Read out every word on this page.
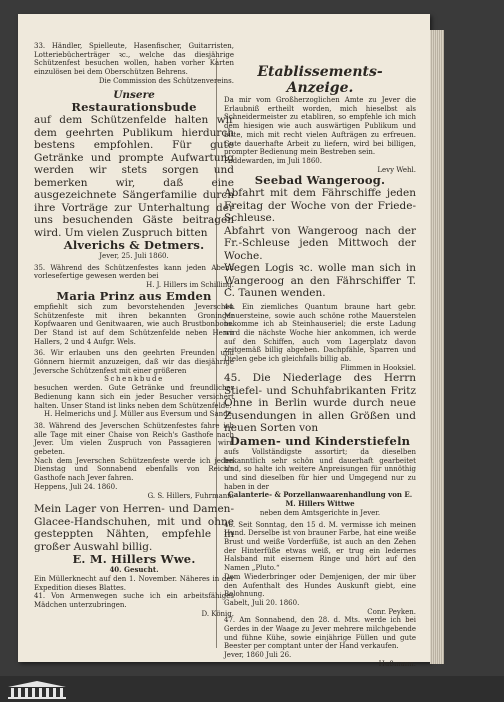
33. Händler, Spielleute, Hasenfischer, Guitarristen, Lotteriebücherträger ꝛc., welche das diesjährige Schützenfest besuchen wollen, haben vorher Karten einzulösen bei dem Oberschützen Behrens.

Die Commission des Schützenvereins.

Unsere

Restaurationsbude

auf dem Schützenfelde halten wir dem geehrten Publikum hierdurch bestens empfohlen. Für gute Getränke und prompte Aufwartung werden wir stets sorgen und bemerken wir, daß eine ausgezeichnete Sängerfamilie durch ihre Vorträge zur Unterhaltung der uns besuchenden Gäste beitragen wird. Um vielen Zuspruch bitten

Alverichs & Detmers.

Jever, 25. Juli 1860.

35. Während des Schützenfestes kann jeden Abend vorlesefertige gewesen werden bei

H. J. Hillers im Schilling.

Maria Prinz aus Emden

empfiehlt sich zum bevorstehenden Jeverschen Schützenfeste mit ihren bekannten Groninger Kopfwaaren und Genitwaaren, wie auch Brustbonbons. Der Stand ist auf dem Schützenfelde neben Herrn Hallers, 2 und 4 Aufgr. Wels.

36. Wir erlauben uns den geehrten Freunden und Gönnern hiermit anzuzeigen, daß wir das diesjährige Jeversche Schützenfest mit einer größeren

Schenkbude

besuchen werden. Gute Getränke und freundlicher Bedienung kann sich ein jeder Besucher versichert halten. Unser Stand ist links neben dem Schützenfelde.

H. Helmerichs und J. Müller aus Eversum und Sande.

38. Während des Jeverschen Schützenfestes fahre ich alle Tage mit einer Chaise von Reich's Gasthofe nach Jever. Um vielen Zuspruch von Passagieren wird gebeten.

Nach dem Jeverschen Schützenfeste werde ich jeden Dienstag und Sonnabend ebenfalls von Reich's Gasthofe nach Jever fahren.

Heppens, Juli 24. 1860.

G. S. Hillers, Fuhrmann.

Mein Lager von Herren- und Damen-Glacee-Handschuhen, mit und ohne gesteppten Nähten, empfehle in großer Auswahl billig.

E. M. Hillers Wwe.

40. Gesucht.

Ein Müllerknecht auf den 1. November. Näheres in der Expedition dieses Blattes.

41. Von Armenwegen suche ich ein arbeitsfähiges Mädchen unterzubringen.

D. König.

Etablissements-Anzeige.

Da mir vom Großherzoglichen Amte zu Jever die Erlaubniß ertheilt worden, mich hieselbst als Schneidermeister zu etabliren, so empfehle ich mich dem hiesigen wie auch auswärtigen Publikum und bitte, mich mit recht vielen Aufträgen zu erfreuen. Gute dauerhafte Arbeit zu liefern, wird bei billigen, prompter Bedienung mein Bestreben sein.

Feddewarden, im Juli 1860.

Levy Wehl.

Seebad Wangeroog.

Abfahrt mit dem Fährschiffe jeden Freitag der Woche von der Friede-Schleuse.

Abfahrt von Wangeroog nach der Fr.-Schleuse jeden Mittwoch der Woche.

Wegen Logis ꝛc. wolle man sich in Wangeroog an den Fährschiffer T. C. Taunen wenden.

44. Ein ziemliches Quantum braune hart gebr. Mauersteine, sowie auch schöne rothe Mauerstelen bekomme ich ab Steinhauseriel; die erste Ladung wird die nächste Woche hier ankommen, ich werde auf den Schiffen, auch vom Lagerplatz davon zeitgemäß billig abgeben. Dachpfähle, Sparren und Dielen gebe ich gleichfalls billig ab.

Flimmen in Hooksiel.

45. Die Niederlage des Herrn Stiefel- und Schuhfabrikanten Fritz Ohne in Berlin wurde durch neue Zusendungen in allen Größen und neuen Sorten von

Damen- und Kinderstiefeln

aufs Vollständigste assortirt; da dieselben bekanntlich sehr schön und dauerhaft gearbeitet sind, so halte ich weitere Anpreisungen für unnöthig und sind dieselben für hier und Umgegend nur zu haben in der

Galanterie- & Porzellanwaarenhandlung von E. M. Hillers Wittwe

neben dem Amtsgerichte in Jever.

46. Seit Sonntag, den 15 d. M. vermisse ich meinen Hund. Derselbe ist von brauner Farbe, hat eine weiße Brust und weiße Vorderfüße, ist auch an den Zehen der Hinterfüße etwas weiß, er trug ein ledernes Halsband mit eisernem Ringe und hört auf den Namen „Pluto.“

Dem Wiederbringer oder Demjenigen, der mir über den Aufenthalt des Hundes Auskunft giebt, eine Belohnung.

Gabelt, Juli 20. 1860.

Conr. Peyken.

47. Am Sonnabend, den 28. d. Mts. werde ich bei Gerdes in der Waage zu Jever mehrere milchgebende und fühne Kühe, sowie einjährige Füllen und gute Beester per comptant unter der Hand verkaufen.

Jever, 1860 Juli 26.

Hußmann.
